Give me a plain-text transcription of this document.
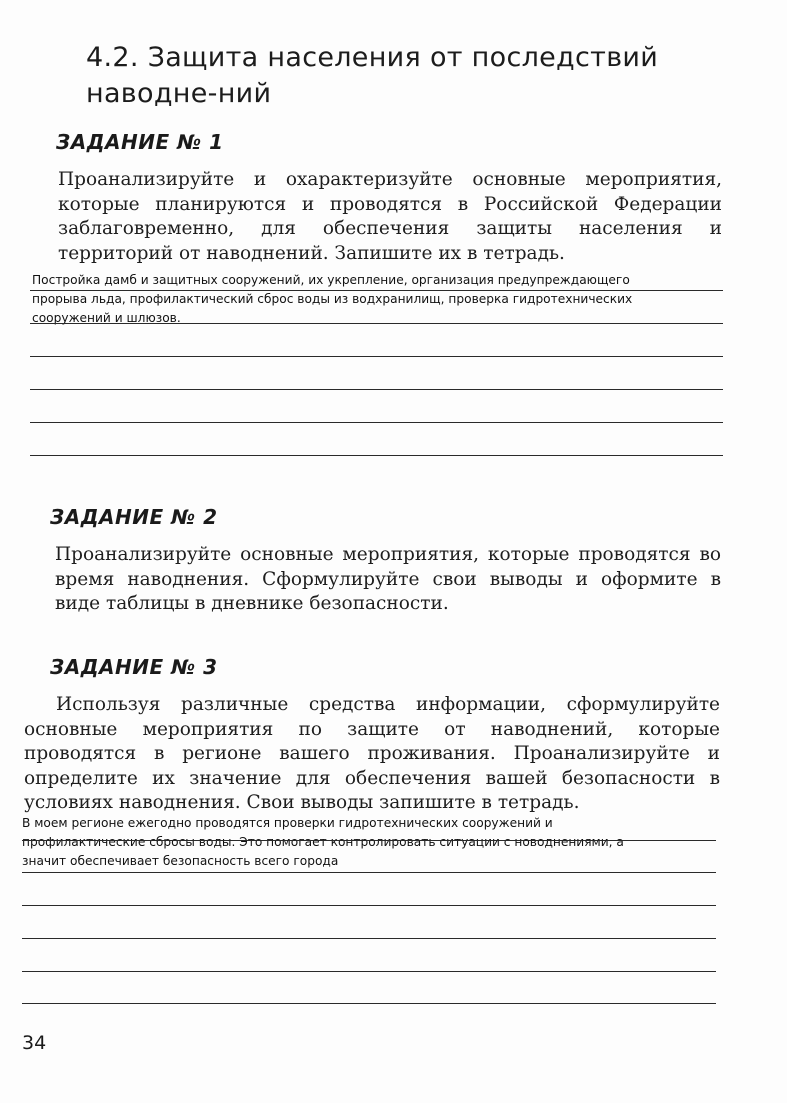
4.2. Защита населения от последствий наводне-ний
ЗАДАНИЕ № 1

Проанализируйте и охарактеризуйте основные мероприятия, которые планируются и проводятся в Российской Федерации заблаговременно, для обеспечения защиты населения и территорий от наводнений. Запишите их в тетрадь.

Постройка дамб и защитных сооружений, их укрепление, организация предупреждающего

прорыва льда, профилактический сброс воды из водхранилищ, проверка гидротехнических

сооружений и шлюзов.

ЗАДАНИЕ № 2

Проанализируйте основные мероприятия, которые проводятся во время наводнения. Сформулируйте свои выводы и оформите в виде таблицы в дневнике безопасности.

ЗАДАНИЕ № 3

Используя различные средства информации, сформулируйте основные мероприятия по защите от наводнений, которые проводятся в регионе вашего проживания. Проанализируйте и определите их значение для обеспечения вашей безопасности в условиях наводнения. Свои выводы запишите в тетрадь.

В моем регионе ежегодно проводятся проверки гидротехнических сооружений и

профилактические сбросы воды. Это помогает контролировать ситуации с новоднениями, а

значит обеспечивает безопасность всего города

34
